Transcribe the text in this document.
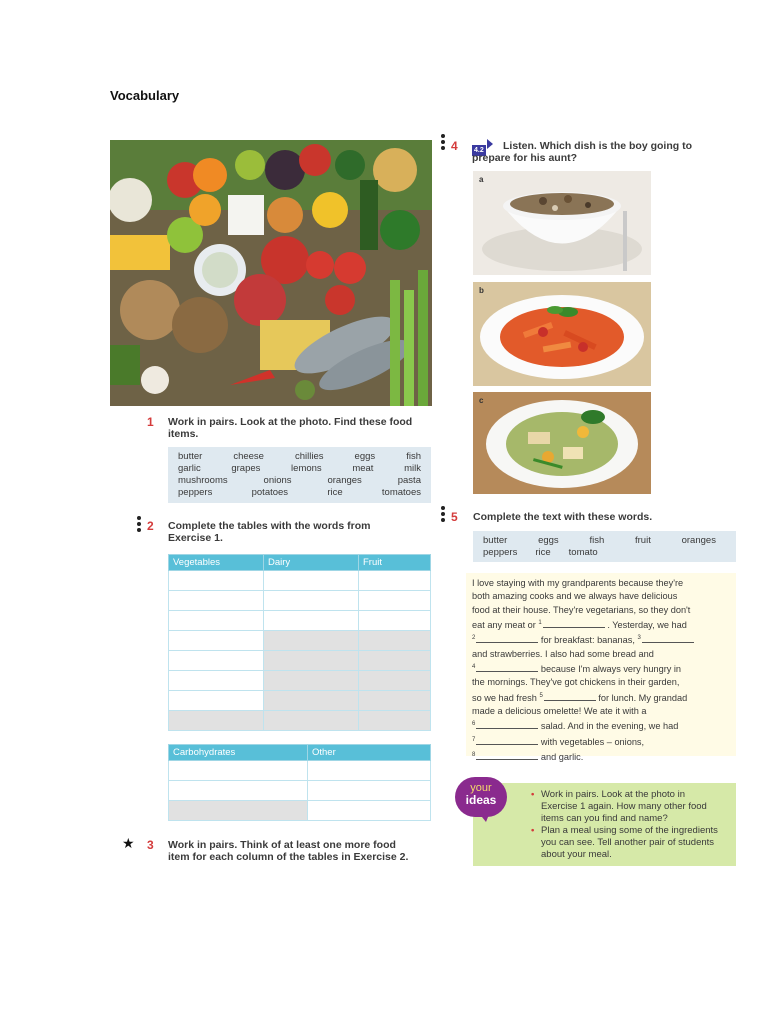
Vocabulary
1 Work in pairs. Look at the photo. Find these food
items.
butter	cheese	chillies	eggs	fish
garlic	grapes	lemons	meat	milk
mushrooms	onions	oranges	pasta
peppers	potatoes	rice	tomatoes
2 Complete the tables with the words from
Exercise 1.
Vegetables	Dairy	Fruit

Carbohydrates	Other

★ 3 Work in pairs. Think of at least one more food
item for each column of the tables in Exercise 2.
4 4.2	Listen. Which dish is the boy going to
prepare for his aunt?
a
b
c
5 Complete the text with these words.
butter	eggs	fish	fruit	oranges
peppers rice tomato

I love staying with my grandparents because they're

both amazing cooks and we always have delicious

food at their house. They're vegetarians, so they don't

eat any meat or $^1$	. Yesterday, we had

$^2$	for breakfast: bananas, $^3$

and strawberries. I also had some bread and

$^4$	because I'm always very hungry in

the mornings. They've got chickens in their garden,

so we had fresh $^5$	for lunch. My grandad

made a delicious omelette! We ate it with a

$^6$	salad. And in the evening, we had

$^7$	with vegetables – onions,

$^8$	and garlic.

• Work in pairs. Look at the photo in
Exercise 1 again. How many other food
items can you find and name?
• Plan a meal using some of the ingredients
you can see. Tell another pair of students
about your meal.
your
ideas
